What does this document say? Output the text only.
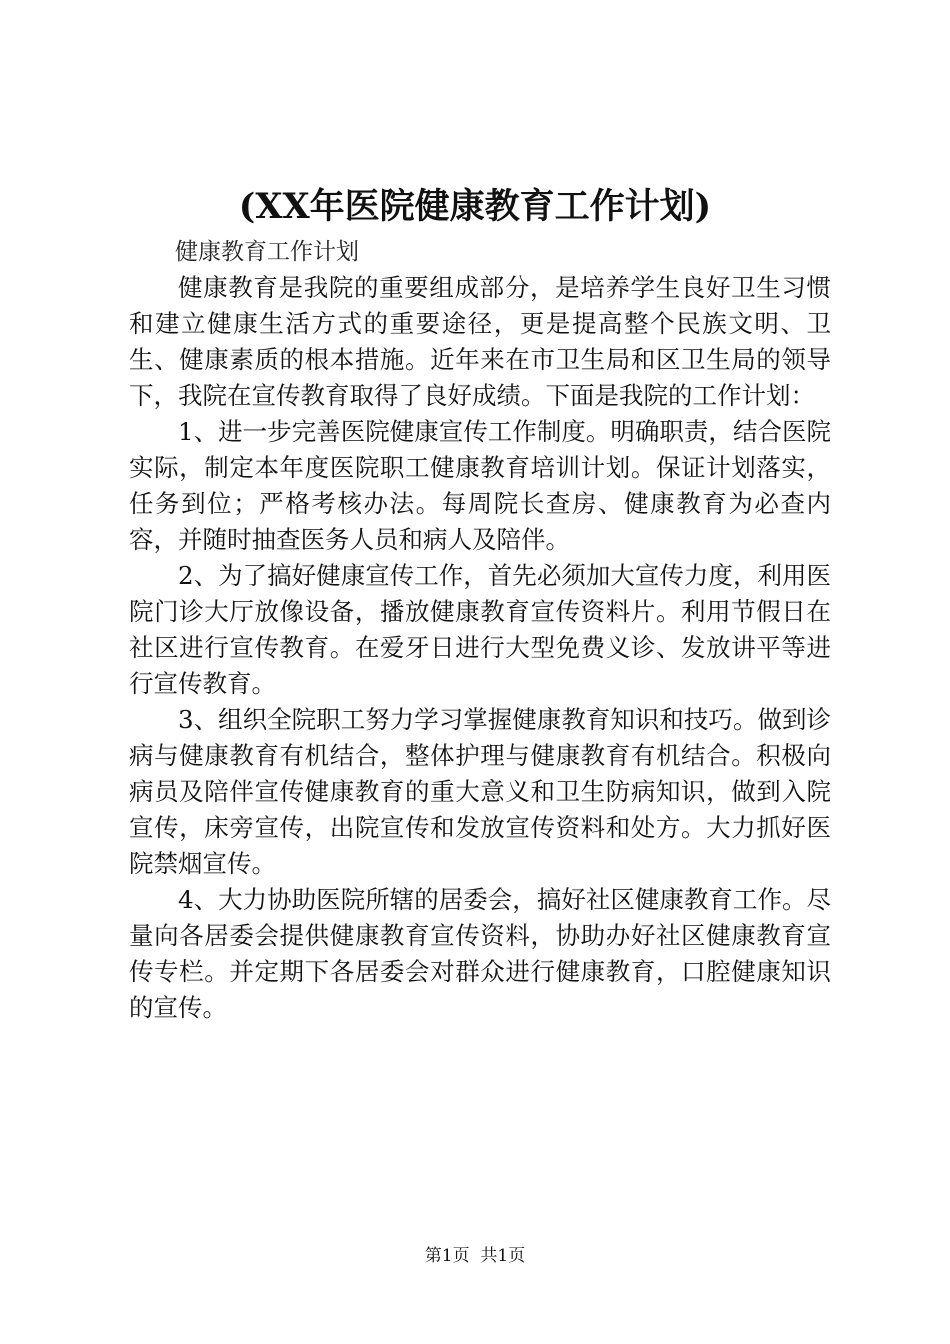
(XX年医院健康教育工作计划)

健康教育工作计划

健康教育是我院的重要组成部分，是培养学生良好卫生习惯和建立健康生活方式的重要途径，更是提高整个民族文明、卫生、健康素质的根本措施。近年来在市卫生局和区卫生局的领导下，我院在宣传教育取得了良好成绩。下面是我院的工作计划：

1、进一步完善医院健康宣传工作制度。明确职责，结合医院实际，制定本年度医院职工健康教育培训计划。保证计划落实，任务到位；严格考核办法。每周院长查房、健康教育为必查内容，并随时抽查医务人员和病人及陪伴。

2、为了搞好健康宣传工作，首先必须加大宣传力度，利用医院门诊大厅放像设备，播放健康教育宣传资料片。利用节假日在社区进行宣传教育。在爱牙日进行大型免费义诊、发放讲平等进行宣传教育。

3、组织全院职工努力学习掌握健康教育知识和技巧。做到诊病与健康教育有机结合，整体护理与健康教育有机结合。积极向病员及陪伴宣传健康教育的重大意义和卫生防病知识，做到入院宣传，床旁宣传，出院宣传和发放宣传资料和处方。大力抓好医院禁烟宣传。

4、大力协助医院所辖的居委会，搞好社区健康教育工作。尽量向各居委会提供健康教育宣传资料，协助办好社区健康教育宣传专栏。并定期下各居委会对群众进行健康教育，口腔健康知识的宣传。

第1页 共1页
